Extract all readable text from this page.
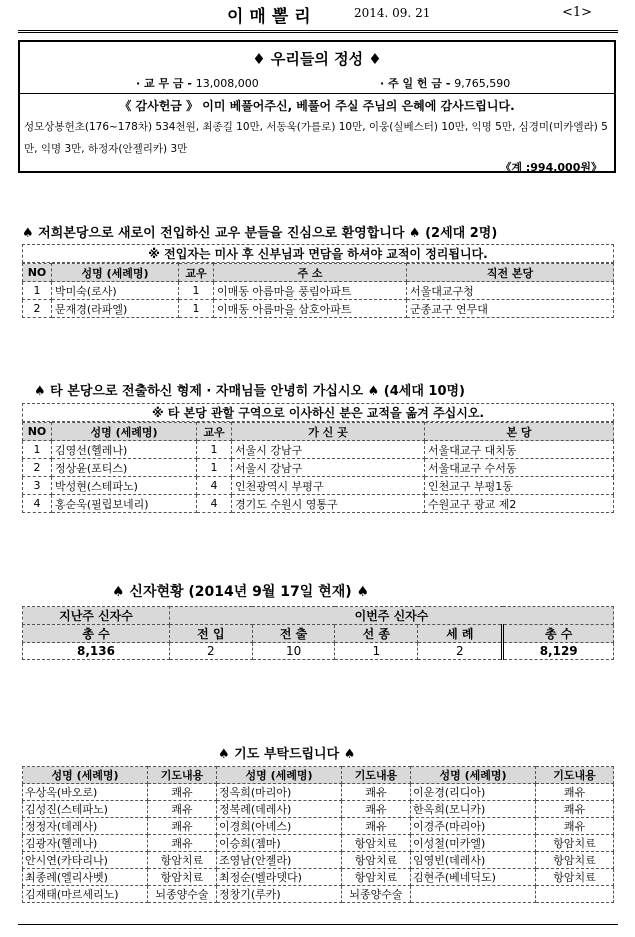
이매뽈리	2014. 09. 21	<1>
♦ 우리들의 정성 ♦
· 교 무 금 - 13,008,000	· 주 일 헌 금 - 9,765,590
《 감사헌금 》 이미 베풀어주신, 베풀어 주실 주님의 은혜에 감사드립니다.
성모상봉헌초(176~178차) 534천원, 최종길 10만, 서동욱(가를로) 10만, 이웅(실베스터) 10만, 익명 5만, 심경미(미카엘라) 5만, 익명 3만, 하정자(안젤리카) 3만
《계 :994,000원》
♠ 저희본당으로 새로이 전입하신 교우 분들을 진심으로 환영합니다 ♠ (2세대 2명)
※ 전입자는 미사 후 신부님과 면담을 하셔야 교적이 정리됩니다.
NO	성명 (세례명)	교우	주 소	직전 본당
1	박미숙(로사)	1	이매동 아름마을 풍림아파트	서울대교구청
2	문재경(라파엘)	1	이매동 아름마을 삼호아파트	군종교구 연무대
♠ 타 본당으로 전출하신 형제 · 자매님들 안녕히 가십시오 ♠ (4세대 10명)
※ 타 본당 관할 구역으로 이사하신 분은 교적을 옮겨 주십시오.
NO	성명 (세례명)	교우	가 신 곳	본 당
1	김영선(헬레나)	1	서울시 강남구	서울대교구 대치동
2	정상윤(포티스)	1	서울시 강남구	서울대교구 수서동
3	박성현(스테파노)	4	인천광역시 부평구	인천교구 부평1동
4	홍순욱(필립보네리)	4	경기도 수원시 영통구	수원교구 광교 제2
♠ 신자현황 (2014년 9월 17일 현재) ♠
지난주 신자수	이번주 신자수				
총 수	전 입	전 출	선 종	세 례	총 수
8,136	2	10	1	2	8,129
♠ 기도 부탁드립니다 ♠
성명 (세례명)	기도내용	성명 (세례명)	기도내용	성명 (세례명)	기도내용
우상옥(바오로)	쾌유	정옥희(마리아)	쾌유	이운경(리디아)	쾌유
김성진(스테파노)	쾌유	정복례(데레사)	쾌유	한옥희(모니카)	쾌유
정정자(데레사)	쾌유	이경희(아녜스)	쾌유	이경주(마리아)	쾌유
김광자(헬레나)	쾌유	이승희(젬마)	항암치료	이성철(미카엘)	항암치료
안시연(카타리나)	항암치료	조영남(안젤라)	항암치료	임영빈(데레사)	항암치료
최종례(엘리사벳)	항암치료	최정순(벨라뎃다)	항암치료	김현주(베네딕도)	항암치료
김재태(마르세리노)	뇌종양수술	정창기(루카)	뇌종양수술		
